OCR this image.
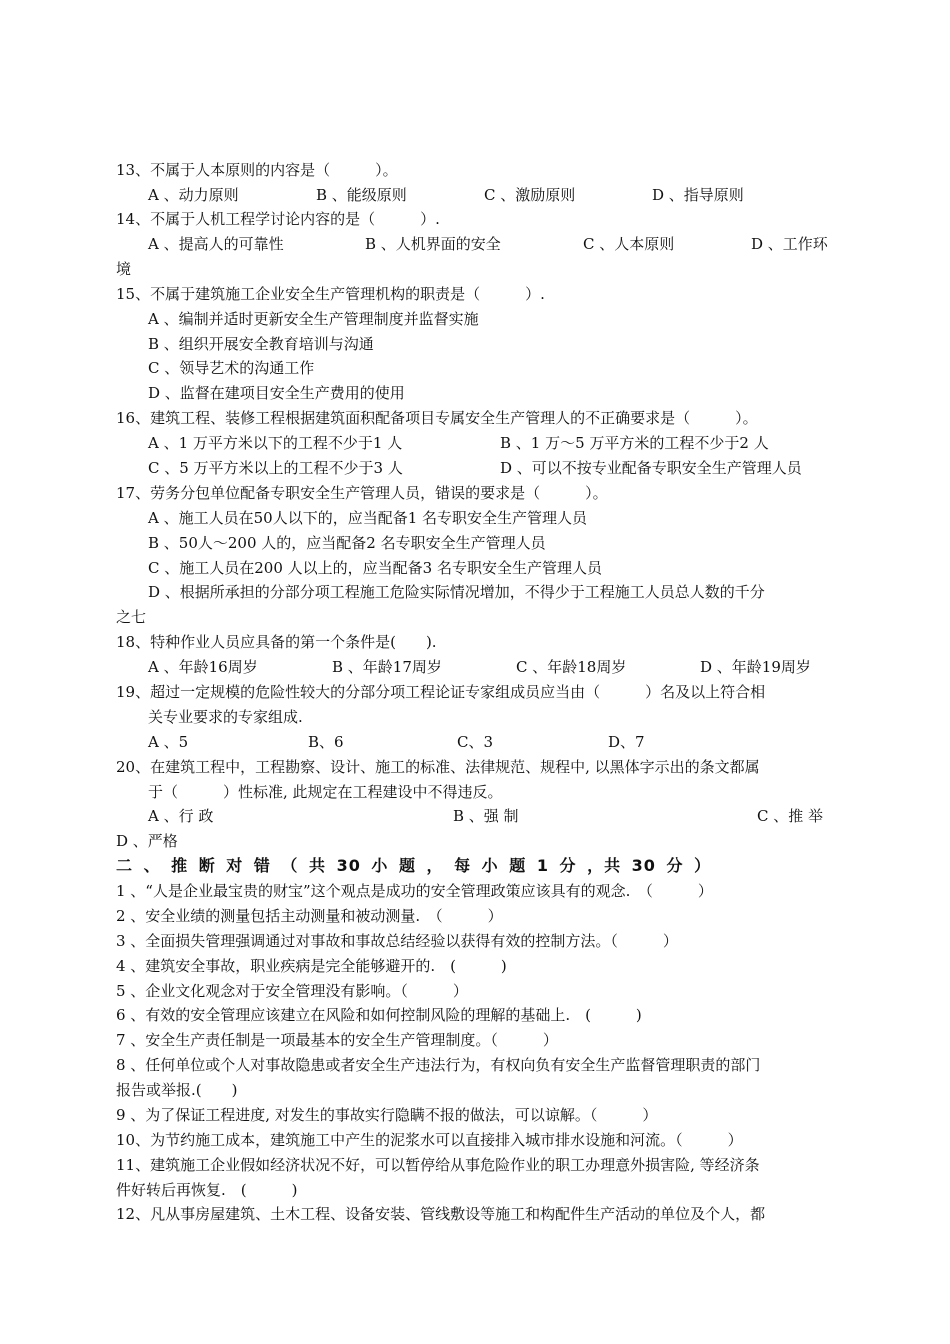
13、不属于人本原则的内容是（　　　）。

A 、动力原则

	B 、能级原则

	C 、激励原则

	D 、指导原则

14、不属于人机工程学讨论内容的是（　　　）.

A 、提高人的可靠性

	B 、人机界面的安全

	C 、人本原则

	D 、工作环

境
15、不属于建筑施工企业安全生产管理机构的职责是（　　　）.
A 、编制并适时更新安全生产管理制度并监督实施
B 、组织开展安全教育培训与沟通
C 、领导艺术的沟通工作
D 、监督在建项目安全生产费用的使用
16、建筑工程、装修工程根据建筑面积配备项目专属安全生产管理人的不正确要求是（　　　）。

A 、1 万平方米以下的工程不少于1 人

	B 、1 万～5 万平方米的工程不少于2 人

C 、5 万平方米以上的工程不少于3 人

	D 、可以不按专业配备专职安全生产管理人员

17、劳务分包单位配备专职安全生产管理人员，错误的要求是（　　　）。
A 、施工人员在50人以下的，应当配备1 名专职安全生产管理人员
B 、50人～200 人的，应当配备2 名专职安全生产管理人员
C 、施工人员在200 人以上的，应当配备3 名专职安全生产管理人员
D 、根据所承担的分部分项工程施工危险实际情况增加，不得少于工程施工人员总人数的千分
之七
18、特种作业人员应具备的第一个条件是(　　).

A 、年龄16周岁

	B 、年龄17周岁

	C 、年龄18周岁

	D 、年龄19周岁

19、超过一定规模的危险性较大的分部分项工程论证专家组成员应当由（　　　）名及以上符合相
关专业要求的专家组成.

A 、5

	B、6

	C、3

	D、7

20、在建筑工程中，工程勘察、设计、施工的标准、法律规范、规程中, 以黑体字示出的条文都属
于（　　　）性标准, 此规定在工程建设中不得违反。

A 、行 政

	B 、强 制

	C 、推 举

D 、严格
二 、 推 断 对 错 （ 共 30 小 题 ， 每 小 题 1 分 ，共 30 分 ）
1 、“人是企业最宝贵的财宝”这个观点是成功的安全管理政策应该具有的观念.　（　　　）
2 、安全业绩的测量包括主动测量和被动测量.　（　　　）
3 、全面损失管理强调通过对事故和事故总结经验以获得有效的控制方法。（　　　）
4 、建筑安全事故，职业疾病是完全能够避开的.　(　　　)
5 、企业文化观念对于安全管理没有影响。（　　　）
6 、有效的安全管理应该建立在风险和如何控制风险的理解的基础上.　(　　　)
7 、安全生产责任制是一项最基本的安全生产管理制度。（　　　）
8 、任何单位或个人对事故隐患或者安全生产违法行为，有权向负有安全生产监督管理职责的部门
报告或举报.(　　)
9 、为了保证工程进度, 对发生的事故实行隐瞒不报的做法，可以谅解。（　　　）
10、为节约施工成本，建筑施工中产生的泥浆水可以直接排入城市排水设施和河流。（　　　）
11、建筑施工企业假如经济状况不好，可以暂停给从事危险作业的职工办理意外损害险, 等经济条
件好转后再恢复.　(　　　)
12、凡从事房屋建筑、土木工程、设备安装、管线敷设等施工和构配件生产活动的单位及个人，都
